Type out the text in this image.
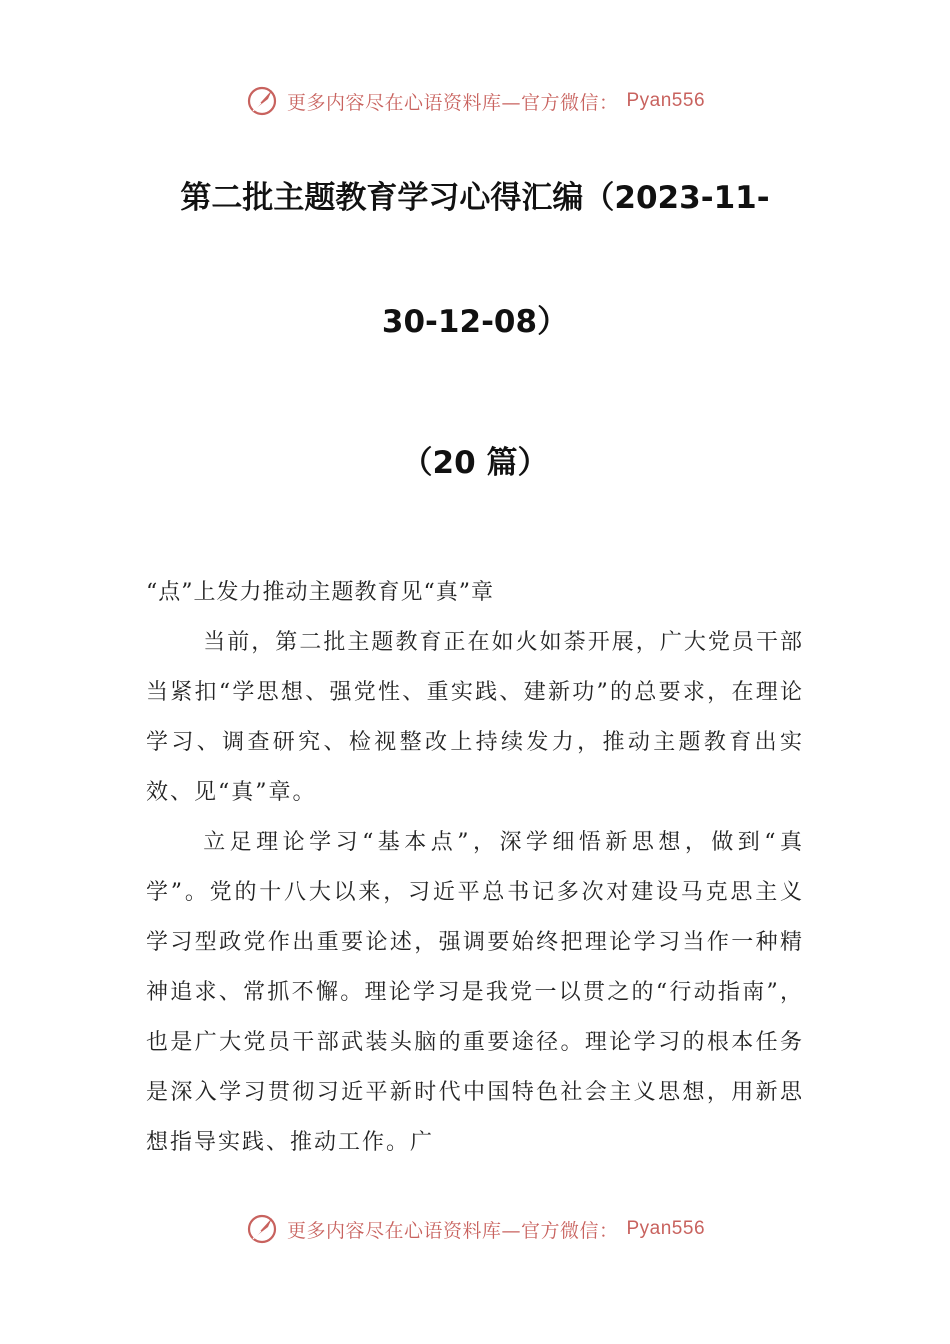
更多内容尽在心语资料库—官方微信： Pyan556
第二批主题教育学习心得汇编（2023-11-
30-12-08）
（20 篇）

“点”上发力推动主题教育见“真”章

当前，第二批主题教育正在如火如荼开展，广大党员干部当紧扣“学思想、强党性、重实践、建新功”的总要求，在理论学习、调查研究、检视整改上持续发力，推动主题教育出实效、见“真”章。

立足理论学习“基本点”，深学细悟新思想，做到“真学”。党的十八大以来，习近平总书记多次对建设马克思主义学习型政党作出重要论述，强调要始终把理论学习当作一种精神追求、常抓不懈。理论学习是我党一以贯之的“行动指南”，也是广大党员干部武装头脑的重要途径。理论学习的根本任务是深入学习贯彻习近平新时代中国特色社会主义思想，用新思想指导实践、推动工作。广

更多内容尽在心语资料库—官方微信： Pyan556
